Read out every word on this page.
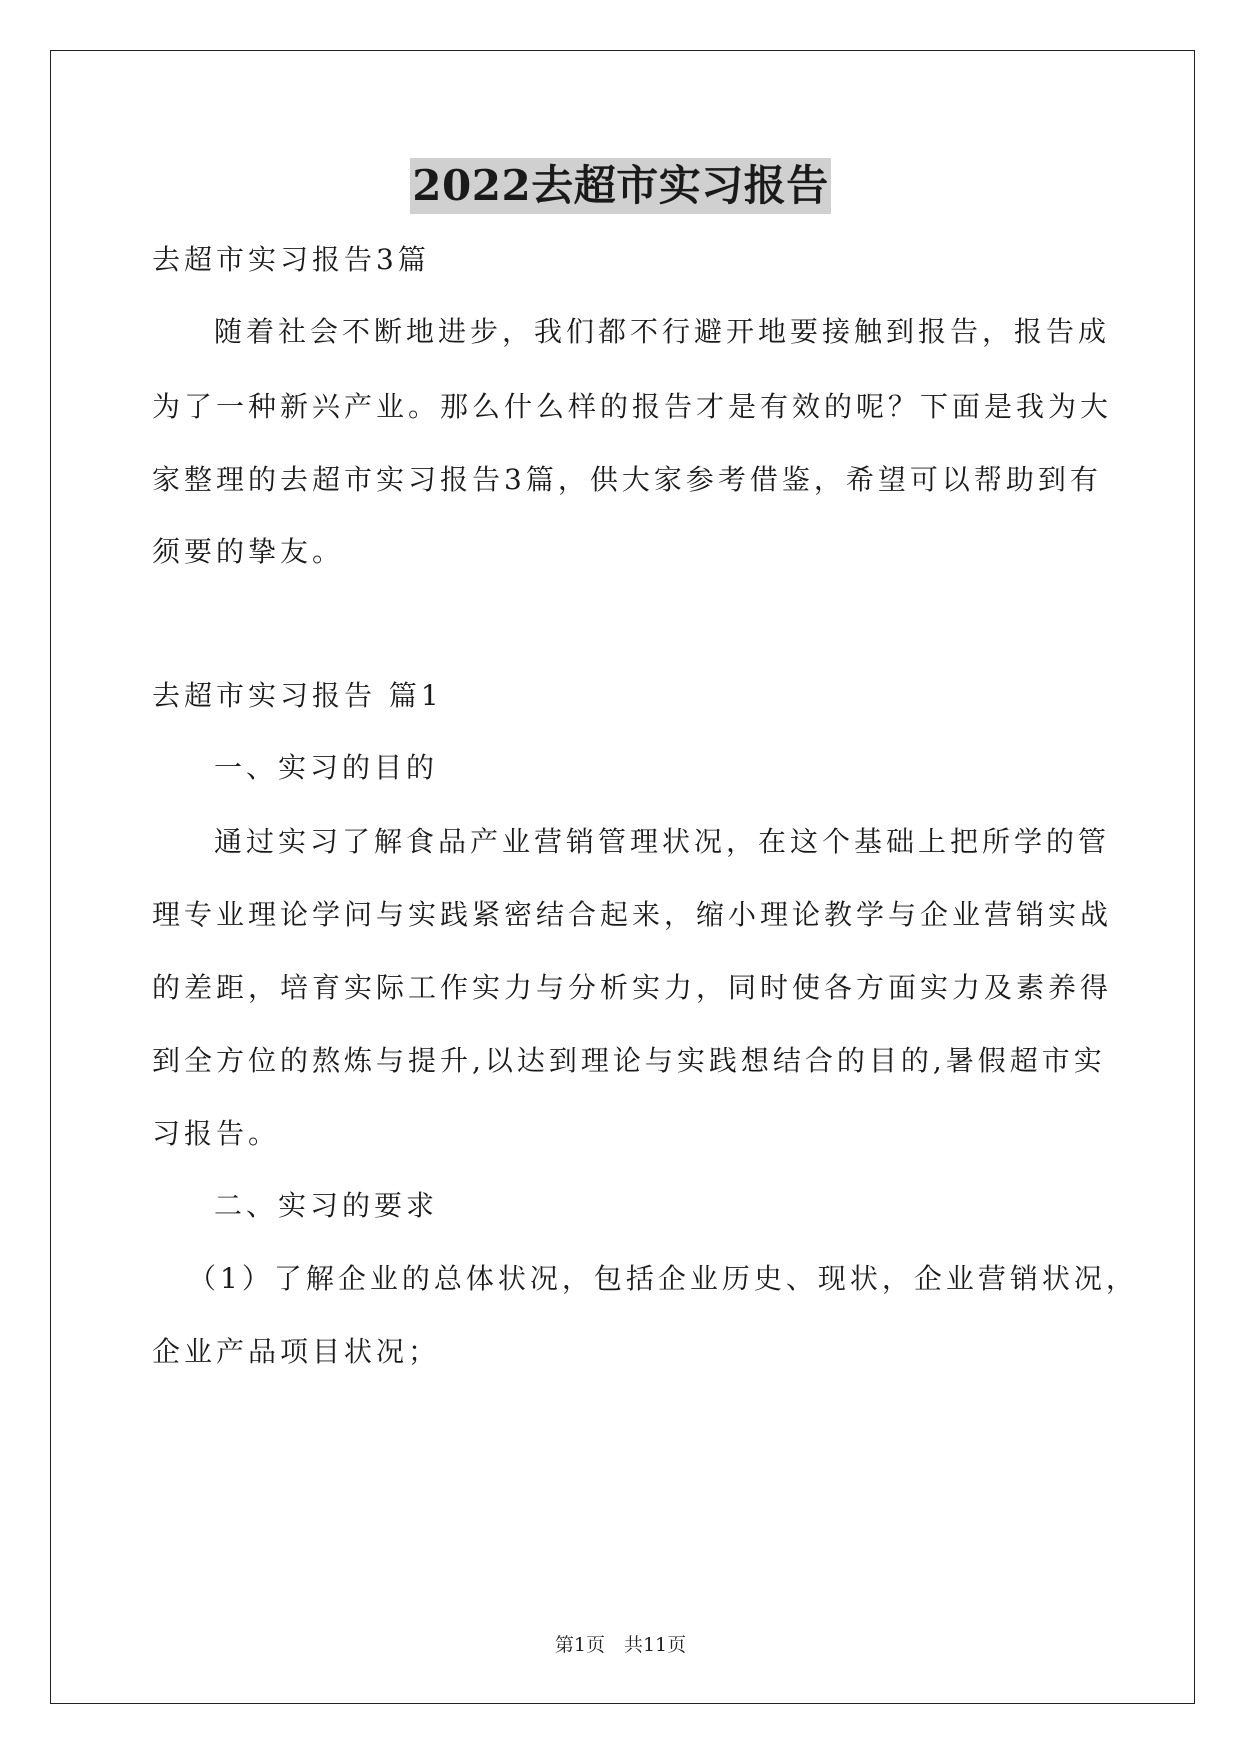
2022去超市实习报告
去超市实习报告3篇
随着社会不断地进步，我们都不行避开地要接触到报告，报告成
为了一种新兴产业。那么什么样的报告才是有效的呢？下面是我为大
家整理的去超市实习报告3篇，供大家参考借鉴，希望可以帮助到有
须要的挚友。
去超市实习报告 篇1
一、实习的目的
通过实习了解食品产业营销管理状况，在这个基础上把所学的管
理专业理论学问与实践紧密结合起来，缩小理论教学与企业营销实战
的差距，培育实际工作实力与分析实力，同时使各方面实力及素养得
到全方位的熬炼与提升,以达到理论与实践想结合的目的,暑假超市实
习报告。
二、实习的要求
（1）了解企业的总体状况，包括企业历史、现状，企业营销状况，
企业产品项目状况；
第1页　共11页
